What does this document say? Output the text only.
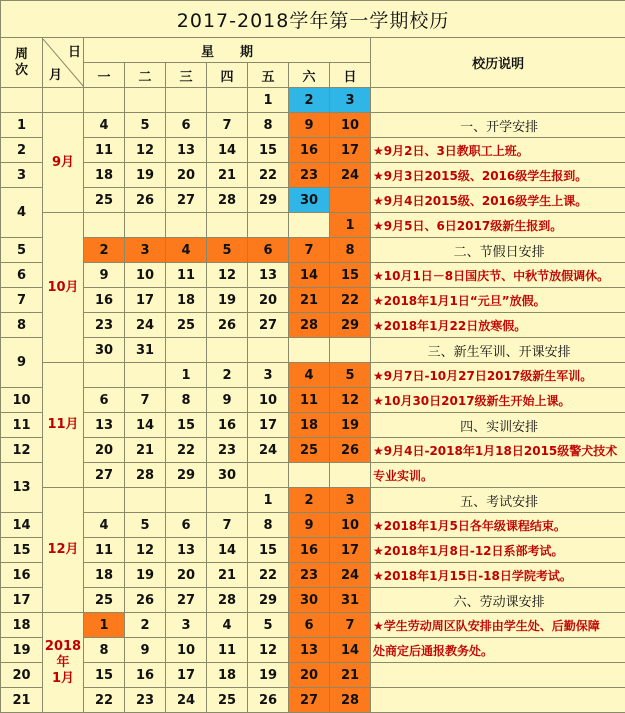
2017-2018学年第一学期校历									

周
次	日
月	星　　期							校历说明
		一	二	三	四	五	六	日	
						1	2	3	
1	9月	4	5	6	7	8	9	10	一、开学安排
2		11	12	13	14	15	16	17	★9月2日、3日教职工上班。
3		18	19	20	21	22	23	24	★9月3日2015级、2016级学生报到。
4		25	26	27	28	29	30		★9月4日2015级、2016级学生上课。
	10月							1	★9月5日、6日2017级新生报到。
5		2	3	4	5	6	7	8	二、节假日安排
6		9	10	11	12	13	14	15	★10月1日－8日国庆节、中秋节放假调休。
7		16	17	18	19	20	21	22	★2018年1月1日“元旦”放假。
8		23	24	25	26	27	28	29	★2018年1月22日放寒假。
9		30	31						三、新生军训、开课安排
	11月			1	2	3	4	5	★9月7日-10月27日2017级新生军训。
10		6	7	8	9	10	11	12	★10月30日2017级新生开始上课。
11		13	14	15	16	17	18	19	四、实训安排
12		20	21	22	23	24	25	26	★9月4日-2018年1月18日2015级警犬技术
13		27	28	29	30				专业实训。
	12月					1	2	3	五、考试安排
14		4	5	6	7	8	9	10	★2018年1月5日各年级课程结束。
15		11	12	13	14	15	16	17	★2018年1月8日-12日系部考试。
16		18	19	20	21	22	23	24	★2018年1月15日-18日学院考试。
17		25	26	27	28	29	30	31	六、劳动课安排
18	2018
年
1月	1	2	3	4	5	6	7	★学生劳动周区队安排由学生处、后勤保障
19		8	9	10	11	12	13	14	处商定后通报教务处。
20		15	16	17	18	19	20	21	
21		22	23	24	25	26	27	28	
